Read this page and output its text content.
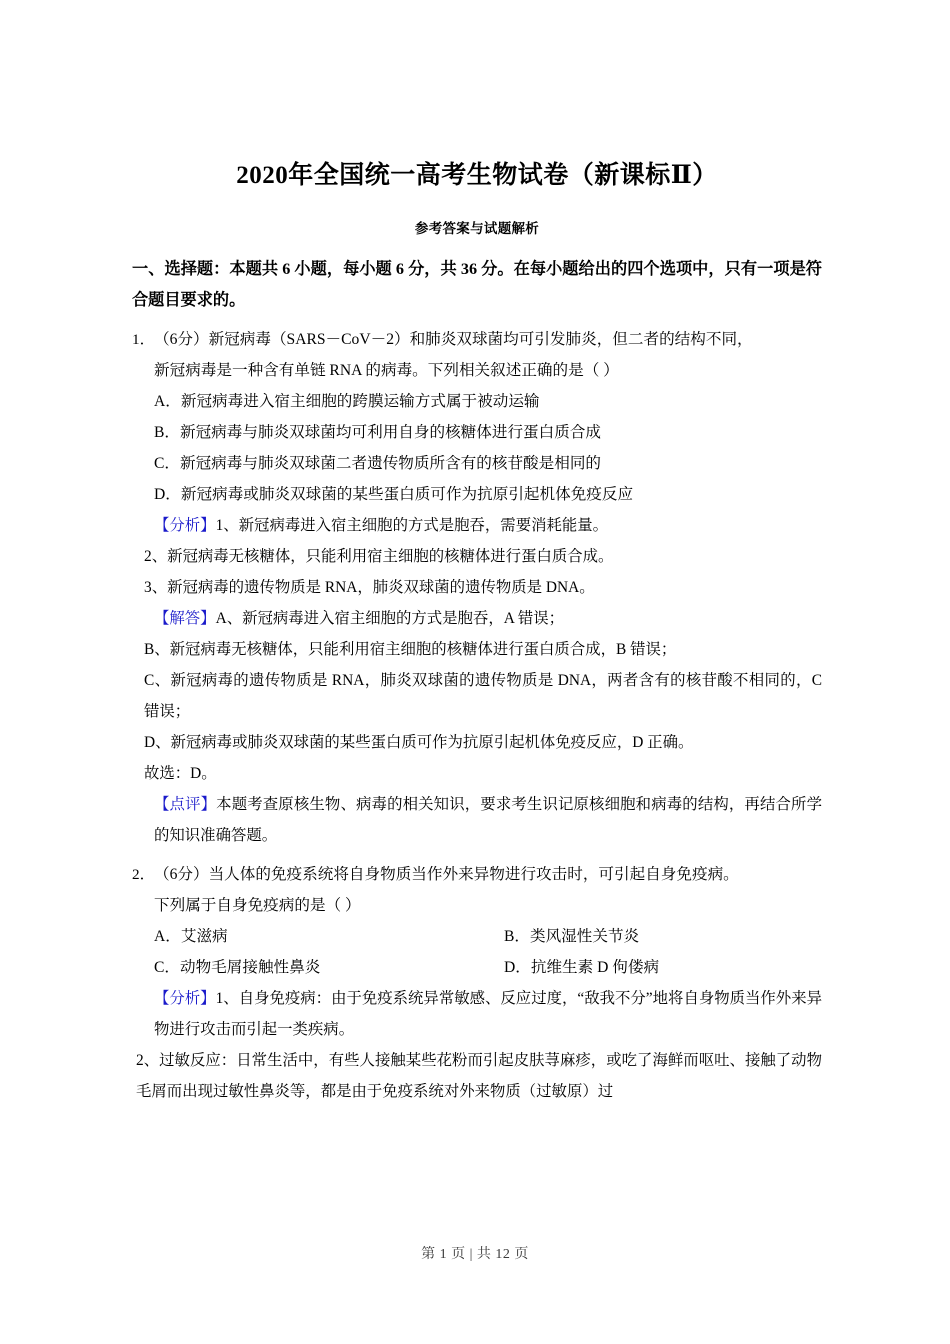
2020年全国统一高考生物试卷（新课标Ⅱ）
参考答案与试题解析
一、选择题：本题共 6 小题，每小题 6 分，共 36 分。在每小题给出的四个选项中，只有一项是符合题目要求的。
1． （6分）新冠病毒（SARS－CoV－2）和肺炎双球菌均可引发肺炎，但二者的结构不同，
新冠病毒是一种含有单链 RNA 的病毒。下列相关叙述正确的是（ ）
A．新冠病毒进入宿主细胞的跨膜运输方式属于被动运输
B．新冠病毒与肺炎双球菌均可利用自身的核糖体进行蛋白质合成
C．新冠病毒与肺炎双球菌二者遗传物质所含有的核苷酸是相同的
D．新冠病毒或肺炎双球菌的某些蛋白质可作为抗原引起机体免疫反应
【分析】1、新冠病毒进入宿主细胞的方式是胞吞，需要消耗能量。
2、新冠病毒无核糖体，只能利用宿主细胞的核糖体进行蛋白质合成。
3、新冠病毒的遗传物质是 RNA，肺炎双球菌的遗传物质是 DNA。
【解答】A、新冠病毒进入宿主细胞的方式是胞吞，A 错误；
B、新冠病毒无核糖体，只能利用宿主细胞的核糖体进行蛋白质合成，B 错误；
C、新冠病毒的遗传物质是 RNA，肺炎双球菌的遗传物质是 DNA，两者含有的核苷酸不相同的，C 错误；
D、新冠病毒或肺炎双球菌的某些蛋白质可作为抗原引起机体免疫反应，D 正确。
故选：D。
【点评】本题考查原核生物、病毒的相关知识，要求考生识记原核细胞和病毒的结构，再结合所学的知识准确答题。
2． （6分）当人体的免疫系统将自身物质当作外来异物进行攻击时，可引起自身免疫病。
下列属于自身免疫病的是（ ）
A．艾滋病	B．类风湿性关节炎
C．动物毛屑接触性鼻炎	D．抗维生素 D 佝偻病
【分析】1、自身免疫病：由于免疫系统异常敏感、反应过度，“敌我不分”地将自身物质当作外来异物进行攻击而引起一类疾病。
2、过敏反应：日常生活中，有些人接触某些花粉而引起皮肤荨麻疹，或吃了海鲜而呕吐、接触了动物毛屑而出现过敏性鼻炎等，都是由于免疫系统对外来物质（过敏原）过
第 1 页 | 共 12 页
